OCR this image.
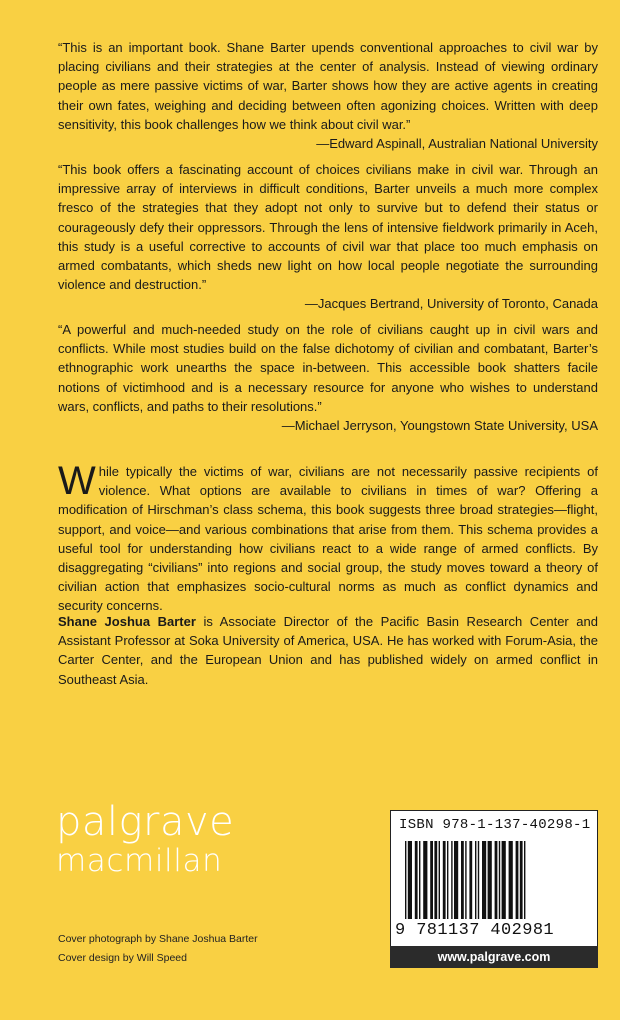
“This is an important book. Shane Barter upends conventional approaches to civil war by placing civilians and their strategies at the center of analysis. Instead of viewing ordinary people as mere passive victims of war, Barter shows how they are active agents in creating their own fates, weighing and deciding between often agonizing choices. Written with deep sensitivity, this book challenges how we think about civil war.”

—Edward Aspinall, Australian National University

“This book offers a fascinating account of choices civilians make in civil war. Through an impressive array of interviews in difficult conditions, Barter unveils a much more complex fresco of the strategies that they adopt not only to survive but to defend their status or courageously defy their oppressors. Through the lens of intensive fieldwork primarily in Aceh, this study is a useful corrective to accounts of civil war that place too much emphasis on armed combatants, which sheds new light on how local people negotiate the surrounding violence and destruction.”

—Jacques Bertrand, University of Toronto, Canada

“A powerful and much-needed study on the role of civilians caught up in civil wars and conflicts. While most studies build on the false dichotomy of civilian and combatant, Barter’s ethnographic work unearths the space in-between. This accessible book shatters facile notions of victimhood and is a necessary resource for anyone who wishes to understand wars, conflicts, and paths to their resolutions.”

—Michael Jerryson, Youngstown State University, USA

While typically the victims of war, civilians are not necessarily passive recipients of violence. What options are available to civilians in times of war? Offering a modification of Hirschman’s class schema, this book suggests three broad strategies—flight, support, and voice—and various combinations that arise from them. This schema provides a useful tool for understanding how civilians react to a wide range of armed conflicts. By disaggregating “civilians” into regions and social group, the study moves toward a theory of civilian action that emphasizes socio-cultural norms as much as conflict dynamics and security concerns.

Shane Joshua Barter is Associate Director of the Pacific Basin Research Center and Assistant Professor at Soka University of America, USA. He has worked with Forum-Asia, the Carter Center, and the European Union and has published widely on armed conflict in Southeast Asia.

palgrave
macmillan
Cover photograph by Shane Joshua Barter
Cover design by Will Speed
ISBN 978-1-137-40298-1
9 781137 402981
www.palgrave.com
